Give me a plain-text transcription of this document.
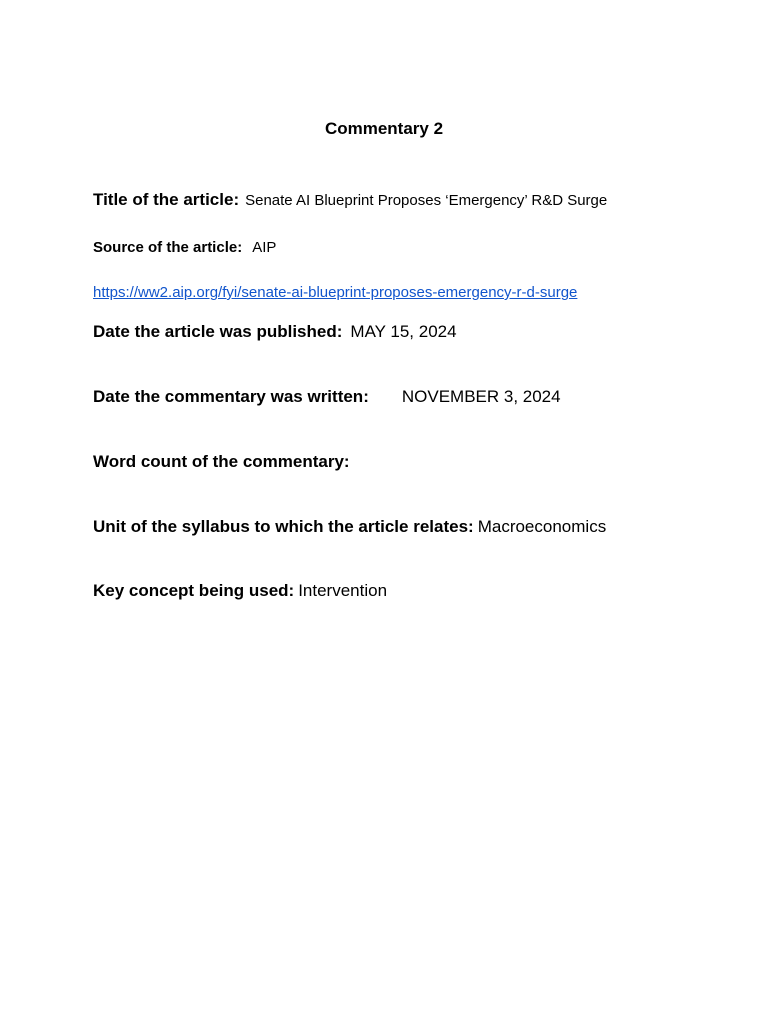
Commentary 2
Title of the article: Senate AI Blueprint Proposes ‘Emergency’ R&D Surge
Source of the article: AIP
https://ww2.aip.org/fyi/senate-ai-blueprint-proposes-emergency-r-d-surge
Date the article was published: MAY 15, 2024
Date the commentary was written: NOVEMBER 3, 2024
Word count of the commentary:
Unit of the syllabus to which the article relates: Macroeconomics
Key concept being used: Intervention
